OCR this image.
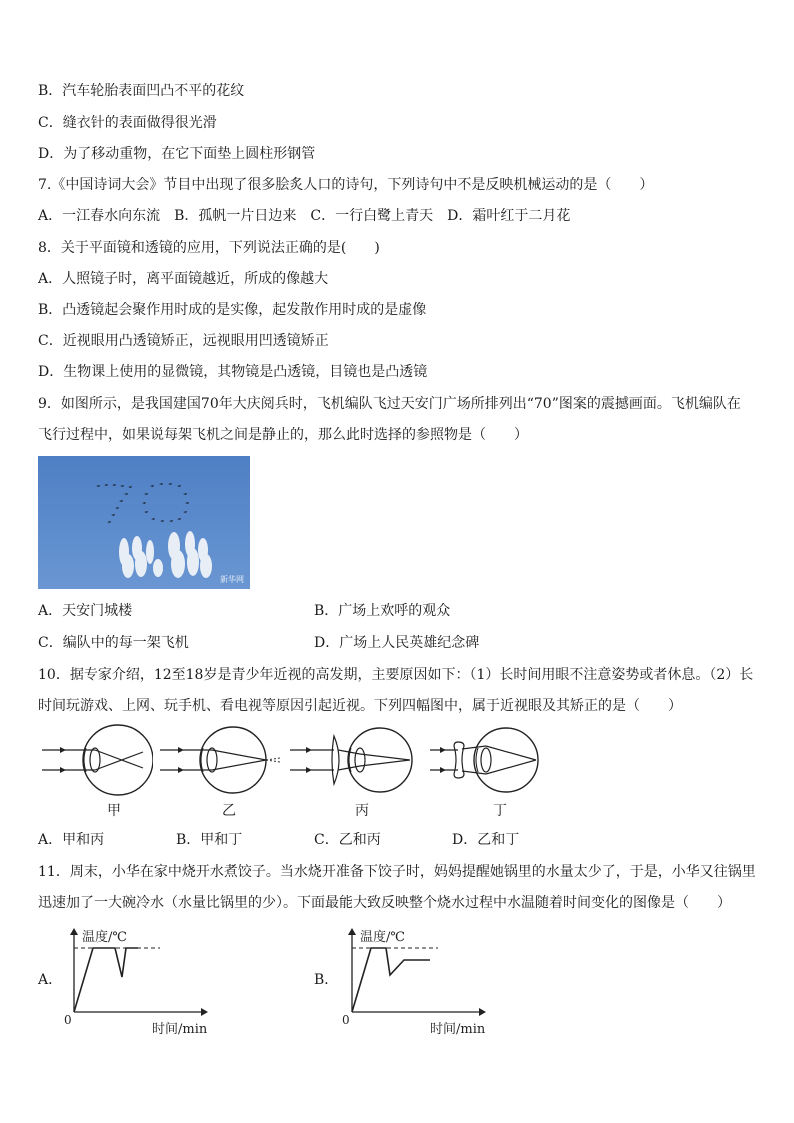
B．汽车轮胎表面凹凸不平的花纹
C．缝衣针的表面做得很光滑
D．为了移动重物，在它下面垫上圆柱形钢管
7.《中国诗词大会》节目中出现了很多脍炙人口的诗句，下列诗句中不是反映机械运动的是（　　）
A．一江春水向东流　B．孤帆一片日边来　C．一行白鹭上青天　D．霜叶红于二月花
8．关于平面镜和透镜的应用，下列说法正确的是(　　)
A．人照镜子时，离平面镜越近，所成的像越大
B．凸透镜起会聚作用时成的是实像，起发散作用时成的是虚像
C．近视眼用凸透镜矫正，远视眼用凹透镜矫正
D．生物课上使用的显微镜，其物镜是凸透镜，目镜也是凸透镜
9．如图所示，是我国建国70年大庆阅兵时，飞机编队飞过天安门广场所排列出“70”图案的震撼画面。飞机编队在
飞行过程中，如果说每架飞机之间是静止的，那么此时选择的参照物是（　　）
新华网
A．天安门城楼	B．广场上欢呼的观众
C．编队中的每一架飞机	D．广场上人民英雄纪念碑
10．据专家介绍，12至18岁是青少年近视的高发期，主要原因如下：（1）长时间用眼不注意姿势或者休息。（2）长
时间玩游戏、上网、玩手机、看电视等原因引起近视。下列四幅图中，属于近视眼及其矫正的是（　　）
甲	乙	丙	丁
A．甲和丙	B．甲和丁	C．乙和丙	D．乙和丁
11．周末，小华在家中烧开水煮饺子。当水烧开准备下饺子时，妈妈提醒她锅里的水量太少了，于是，小华又往锅里
迅速加了一大碗冷水（水量比锅里的少）。下面最能大致反映整个烧水过程中水温随着时间变化的图像是（　　）
A．
温度/℃
时间/min
0
B．
温度/℃
时间/min
0
